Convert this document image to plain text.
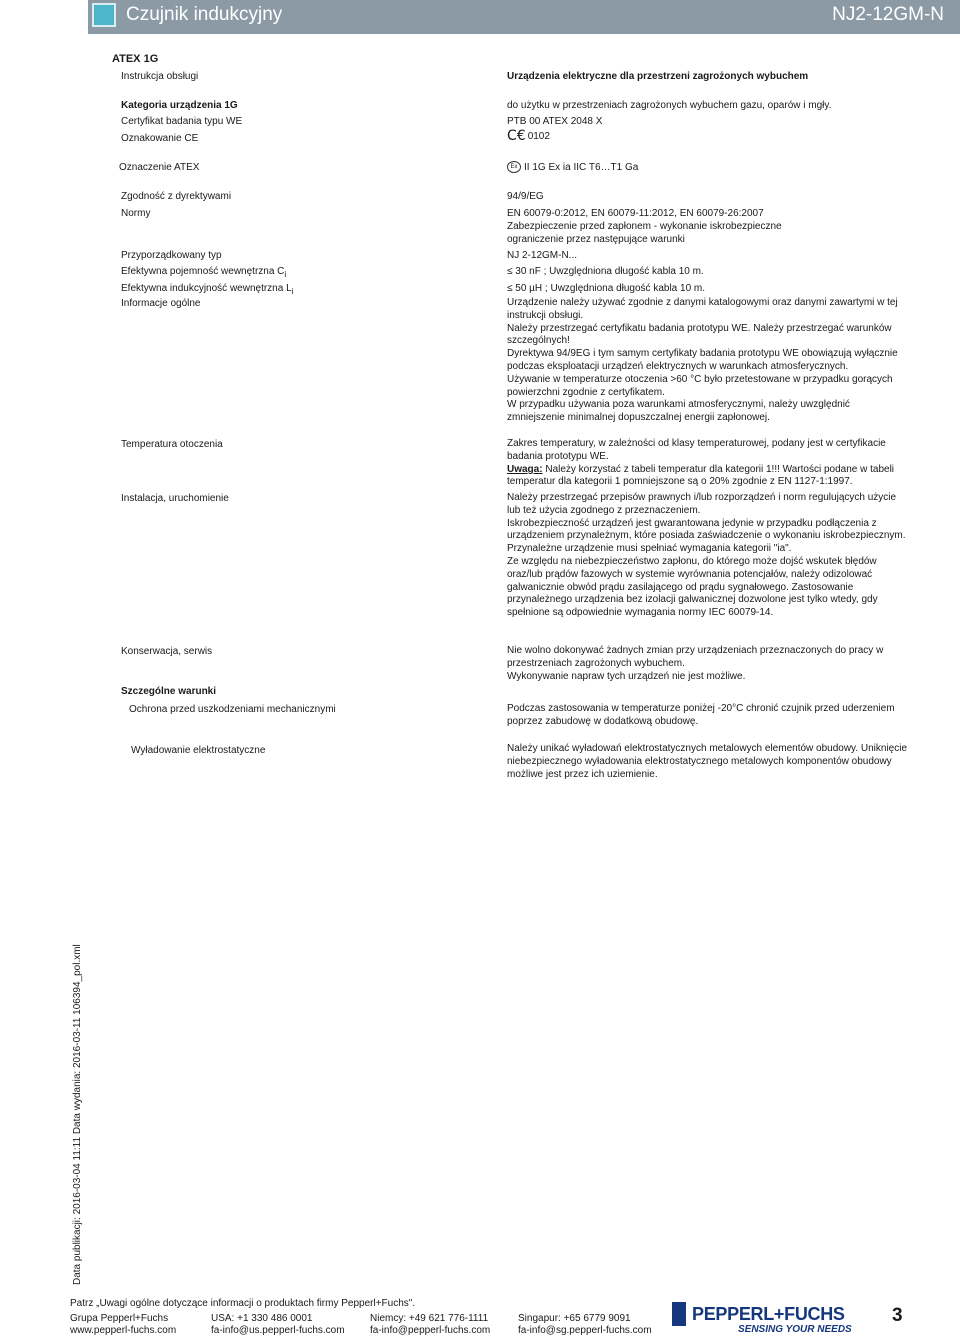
Czujnik indukcyjny	NJ2-12GM-N
ATEX 1G
Instrukcja obsługi	Urządzenia elektryczne dla przestrzeni zagrożonych wybuchem
Kategoria urządzenia 1G	do użytku w przestrzeniach zagrożonych wybuchem gazu, oparów i mgły.
Certyfikat badania typu WE	PTB 00 ATEX 2048 X
Oznakowanie CE	C€ 0102
Oznaczenie ATEX	Ex II 1G Ex ia IIC T6…T1 Ga
Zgodność z dyrektywami	94/9/EG
Normy	EN 60079-0:2012, EN 60079-11:2012, EN 60079-26:2007
Zabezpieczenie przed zapłonem - wykonanie iskrobezpieczne
ograniczenie przez następujące warunki
Przyporządkowany typ	NJ 2-12GM-N...
Efektywna pojemność wewnętrzna $C_i$	≤ 30 nF ; Uwzględniona długość kabla 10 m.
Efektywna indukcyjność wewnętrzna $L_i$	≤ 50 µH ; Uwzględniona długość kabla 10 m.
Informacje ogólne	Urządzenie należy używać zgodnie z danymi katalogowymi oraz danymi zawartymi w tej instrukcji obsługi.

Należy przestrzegać certyfikatu badania prototypu WE. Należy przestrzegać warunków szczególnych!

Dyrektywa 94/9EG i tym samym certyfikaty badania prototypu WE obowiązują wyłącznie podczas eksploatacji urządzeń elektrycznych w warunkach atmosferycznych.

Używanie w temperaturze otoczenia >60 °C było przetestowane w przypadku gorących powierzchni zgodnie z certyfikatem.

W przypadku używania poza warunkami atmosferycznymi, należy uwzględnić zmniejszenie minimalnej dopuszczalnej energii zapłonowej.

Temperatura otoczenia	Zakres temperatury, w zależności od klasy temperaturowej, podany jest w certyfikacie badania prototypu WE.

Uwaga: Należy korzystać z tabeli temperatur dla kategorii 1!!! Wartości podane w tabeli temperatur dla kategorii 1 pomniejszone są o 20% zgodnie z EN 1127-1:1997.

Instalacja, uruchomienie	Należy przestrzegać przepisów prawnych i/lub rozporządzeń i norm regulujących użycie lub też użycia zgodnego z przeznaczeniem.

Iskrobezpieczność urządzeń jest gwarantowana jedynie w przypadku podłączenia z urządzeniem przynależnym, które posiada zaświadczenie o wykonaniu iskrobezpiecznym.

Przynależne urządzenie musi spełniać wymagania kategorii "ia".

Ze względu na niebezpieczeństwo zapłonu, do którego może dojść wskutek błędów oraz/lub prądów fazowych w systemie wyrównania potencjałów, należy odizolować galwanicznie obwód prądu zasilającego od prądu sygnałowego. Zastosowanie przynależnego urządzenia bez izolacji galwanicznej dozwolone jest tylko wtedy, gdy spełnione są odpowiednie wymagania normy IEC 60079-14.

Konserwacja, serwis	Nie wolno dokonywać żadnych zmian przy urządzeniach przeznaczonych do pracy w przestrzeniach zagrożonych wybuchem.

Wykonywanie napraw tych urządzeń nie jest możliwe.

Szczególne warunki
Ochrona przed uszkodzeniami mechanicznymi	Podczas zastosowania w temperaturze poniżej -20°C chronić czujnik przed uderzeniem poprzez zabudowę w dodatkową obudowę.
Wyładowanie elektrostatyczne	Należy unikać wyładowań elektrostatycznych metalowych elementów obudowy. Uniknięcie niebezpiecznego wyładowania elektrostatycznego metalowych komponentów obudowy możliwe jest przez ich uziemienie.
Data publikacji: 2016-03-04 11:11 Data wydania: 2016-03-11 106394_pol.xml
Patrz „Uwagi ogólne dotyczące informacji o produktach firmy Pepperl+Fuchs".
Grupa Pepperl+Fuchs
www.pepperl-fuchs.com
USA: +1 330 486 0001
fa-info@us.pepperl-fuchs.com
Niemcy: +49 621 776-1111
fa-info@pepperl-fuchs.com
Singapur: +65 6779 9091
fa-info@sg.pepperl-fuchs.com
PEPPERL+FUCHS
SENSING YOUR NEEDS
3
